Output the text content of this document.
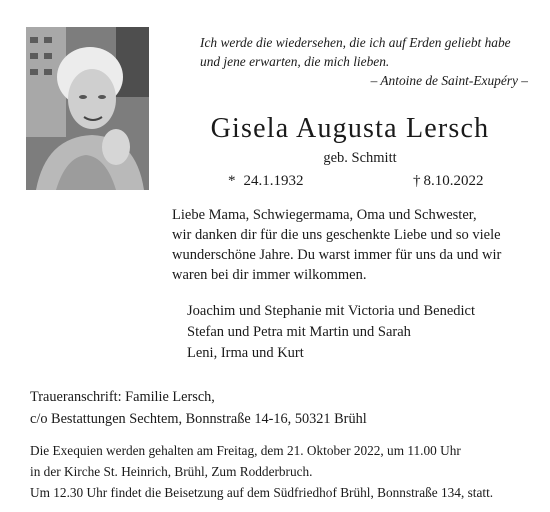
Ich werde die wiedersehen, die ich auf Erden geliebt habe
und jene erwarten, die mich lieben.
– Antoine de Saint-Exupéry –
Gisela Augusta Lersch
geb. Schmitt
* 24.1.1932	† 8.10.2022
Liebe Mama, Schwiegermama, Oma und Schwester,
wir danken dir für die uns geschenkte Liebe und so viele
wunderschöne Jahre. Du warst immer für uns da und wir
waren bei dir immer wilkommen.
Joachim und Stephanie mit Victoria und Benedict
Stefan und Petra mit Martin und Sarah
Leni, Irma und Kurt
Traueranschrift: Familie Lersch,
c/o Bestattungen Sechtem, Bonnstraße 14-16, 50321 Brühl
Die Exequien werden gehalten am Freitag, dem 21. Oktober 2022, um 11.00 Uhr
in der Kirche St. Heinrich, Brühl, Zum Rodderbruch.
Um 12.30 Uhr findet die Beisetzung auf dem Südfriedhof Brühl, Bonnstraße 134, statt.
